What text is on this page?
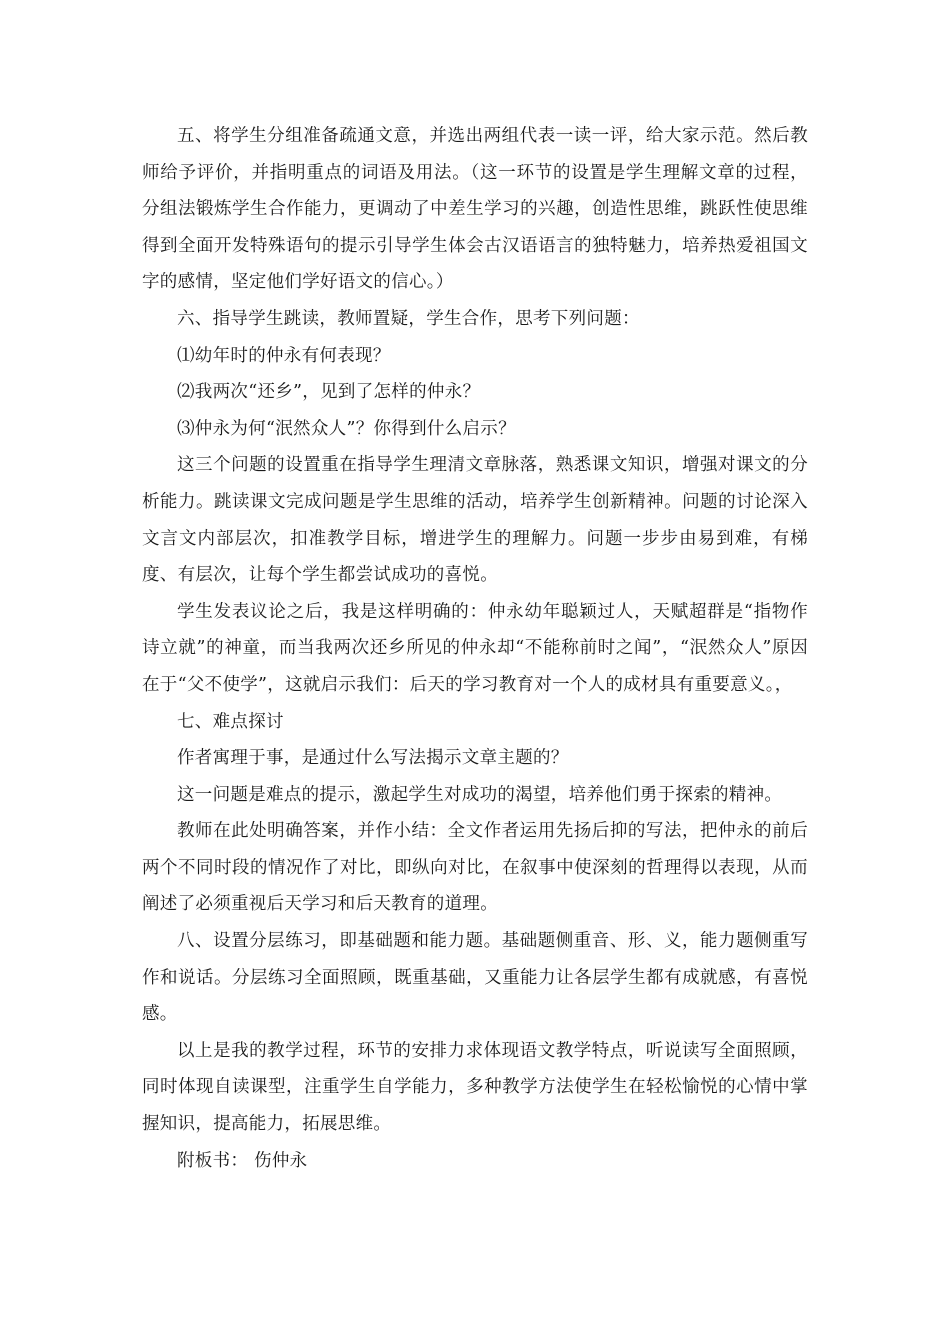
五、将学生分组准备疏通文意，并选出两组代表一读一评，给大家示范。然后教师给予评价，并指明重点的词语及用法。（这一环节的设置是学生理解文章的过程，分组法锻炼学生合作能力，更调动了中差生学习的兴趣，创造性思维，跳跃性使思维得到全面开发特殊语句的提示引导学生体会古汉语语言的独特魅力，培养热爱祖国文字的感情，坚定他们学好语文的信心。）

六、指导学生跳读，教师置疑，学生合作，思考下列问题：

⑴幼年时的仲永有何表现？

⑵我两次“还乡”，见到了怎样的仲永？

⑶仲永为何“泯然众人”？你得到什么启示？

这三个问题的设置重在指导学生理清文章脉落，熟悉课文知识，增强对课文的分析能力。跳读课文完成问题是学生思维的活动，培养学生创新精神。问题的讨论深入文言文内部层次，扣准教学目标，增进学生的理解力。问题一步步由易到难，有梯度、有层次，让每个学生都尝试成功的喜悦。

学生发表议论之后，我是这样明确的：仲永幼年聪颖过人，天赋超群是“指物作诗立就”的神童，而当我两次还乡所见的仲永却“不能称前时之闻”，“泯然众人”原因在于“父不使学”，这就启示我们：后天的学习教育对一个人的成材具有重要意义。，

七、难点探讨

作者寓理于事，是通过什么写法揭示文章主题的？

这一问题是难点的提示，激起学生对成功的渴望，培养他们勇于探索的精神。

教师在此处明确答案，并作小结：全文作者运用先扬后抑的写法，把仲永的前后两个不同时段的情况作了对比，即纵向对比，在叙事中使深刻的哲理得以表现，从而阐述了必须重视后天学习和后天教育的道理。

八、设置分层练习，即基础题和能力题。基础题侧重音、形、义，能力题侧重写作和说话。分层练习全面照顾，既重基础，又重能力让各层学生都有成就感，有喜悦感。

以上是我的教学过程，环节的安排力求体现语文教学特点，听说读写全面照顾，同时体现自读课型，注重学生自学能力，多种教学方法使学生在轻松愉悦的心情中掌握知识，提高能力，拓展思维。

附板书： 伤仲永
